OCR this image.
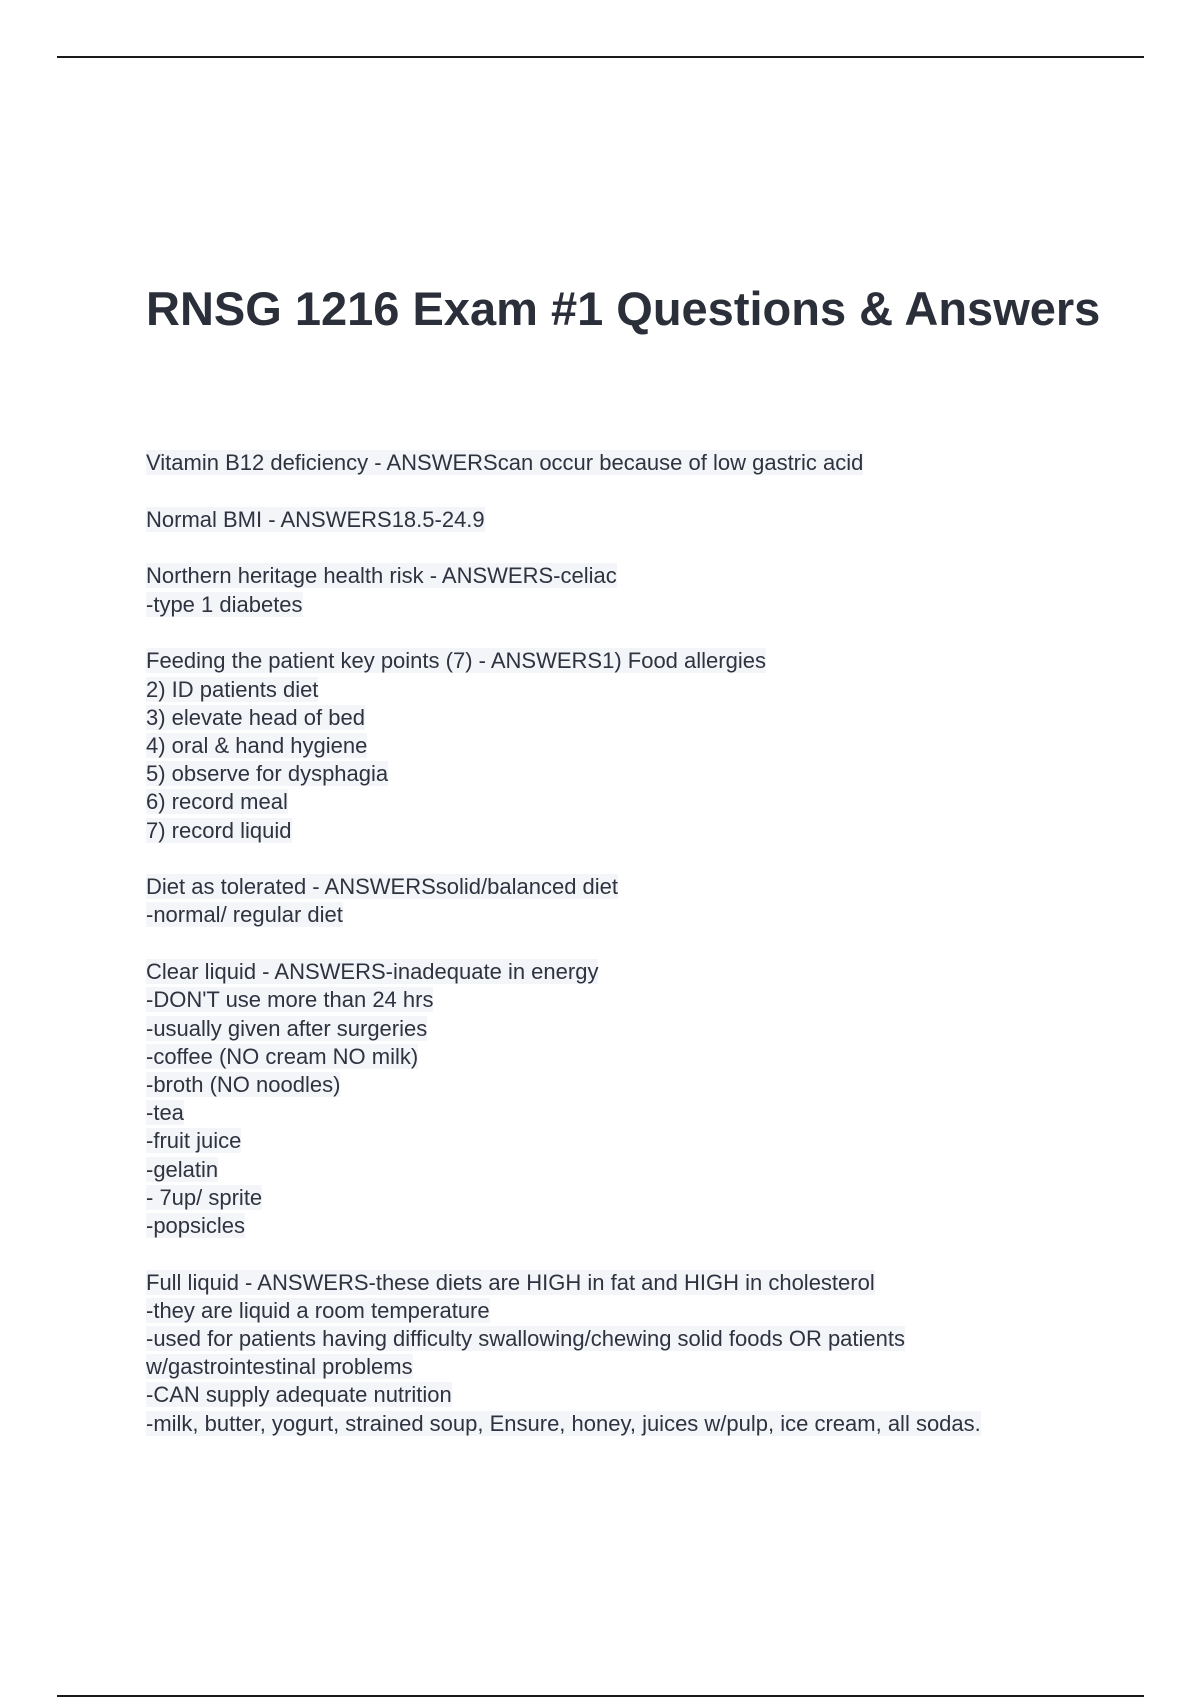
RNSG 1216 Exam #1 Questions & Answers
Vitamin B12 deficiency - ANSWERScan occur because of low gastric acid
Normal BMI - ANSWERS18.5-24.9
Northern heritage health risk - ANSWERS-celiac
-type 1 diabetes
Feeding the patient key points (7) - ANSWERS1) Food allergies
2) ID patients diet
3) elevate head of bed
4) oral & hand hygiene
5) observe for dysphagia
6) record meal
7) record liquid
Diet as tolerated - ANSWERSsolid/balanced diet
-normal/ regular diet
Clear liquid - ANSWERS-inadequate in energy
-DON'T use more than 24 hrs
-usually given after surgeries
-coffee (NO cream NO milk)
-broth (NO noodles)
-tea
-fruit juice
-gelatin
- 7up/ sprite
-popsicles
Full liquid - ANSWERS-these diets are HIGH in fat and HIGH in cholesterol
-they are liquid a room temperature
-used for patients having difficulty swallowing/chewing solid foods OR patients
w/gastrointestinal problems
-CAN supply adequate nutrition
-milk, butter, yogurt, strained soup, Ensure, honey, juices w/pulp, ice cream, all sodas.
